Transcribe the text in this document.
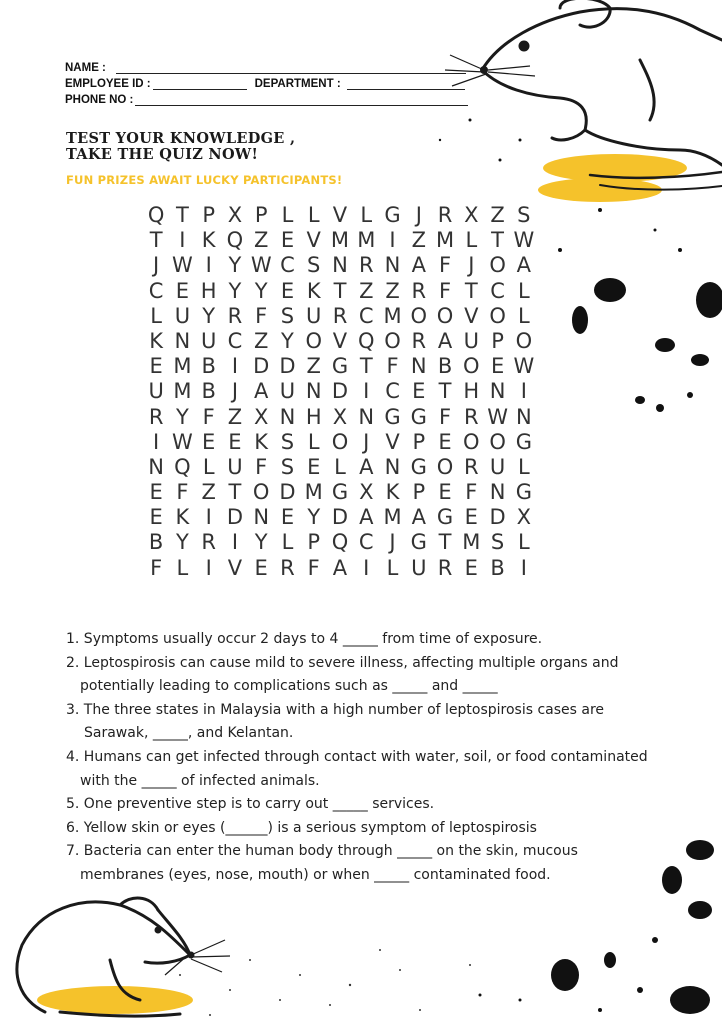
NAME :
EMPLOYEE ID :	DEPARTMENT :
PHONE NO :
TEST YOUR KNOWLEDGE ,
TAKE THE QUIZ NOW!
FUN PRIZES AWAIT LUCKY PARTICIPANTS!
Q T P X P L L V L G J R X Z S
T I K Q Z E V M M I Z M L T W
J W I Y W C S N R N A F J O A
C E H Y Y E K T Z Z R F T C L
L U Y R F S U R C M O O V O L
K N U C Z Y O V Q O R A U P O
E M B I D D Z G T F N B O E W
U M B J A U N D I C E T H N I
R Y F Z X N H X N G G F R W N
I W E E K S L O J V P E O O G
N Q L U F S E L A N G O R U L
E F Z T O D M G X K P E F N G
E K I D N E Y D A M A G E D X
B Y R I Y L P Q C J G T M S L
F L I V E R F A I L U R E B I
1. Symptoms usually occur 2 days to 4 _____ from time of exposure.
2. Leptospirosis can cause mild to severe illness, affecting multiple organs and
potentially leading to complications such as _____ and _____
3. The three states in Malaysia with a high number of leptospirosis cases are
Sarawak, _____, and Kelantan.
4. Humans can get infected through contact with water, soil, or food contaminated
with the _____ of infected animals.
5. One preventive step is to carry out _____ services.
6. Yellow skin or eyes (______) is a serious symptom of leptospirosis
7. Bacteria can enter the human body through _____ on the skin, mucous
membranes (eyes, nose, mouth) or when _____ contaminated food.
